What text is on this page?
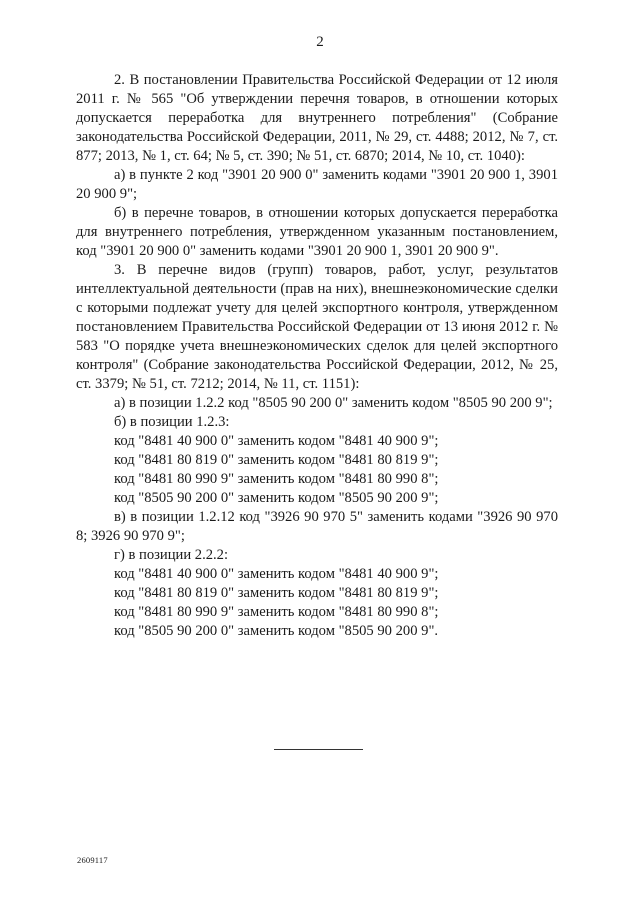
2

2. В постановлении Правительства Российской Федерации от 12 июля 2011 г. № 565 "Об утверждении перечня товаров, в отношении которых допускается переработка для внутреннего потребления" (Собрание законодательства Российской Федерации, 2011, № 29, ст. 4488; 2012, № 7, ст. 877; 2013, № 1, ст. 64; № 5, ст. 390; № 51, ст. 6870; 2014, № 10, ст. 1040):

а) в пункте 2 код "3901 20 900 0" заменить кодами "3901 20 900 1, 3901 20 900 9";

б) в перечне товаров, в отношении которых допускается переработка для внутреннего потребления, утвержденном указанным постановлением, код "3901 20 900 0" заменить кодами "3901 20 900 1, 3901 20 900 9".

3. В перечне видов (групп) товаров, работ, услуг, результатов интеллектуальной деятельности (прав на них), внешнеэкономические сделки с которыми подлежат учету для целей экспортного контроля, утвержденном постановлением Правительства Российской Федерации от 13 июня 2012 г. № 583 "О порядке учета внешнеэкономических сделок для целей экспортного контроля" (Собрание законодательства Российской Федерации, 2012, № 25, ст. 3379; № 51, ст. 7212; 2014, № 11, ст. 1151):

а) в позиции 1.2.2 код "8505 90 200 0" заменить кодом "8505 90 200 9";

б) в позиции 1.2.3:

код "8481 40 900 0" заменить кодом "8481 40 900 9";

код "8481 80 819 0" заменить кодом "8481 80 819 9";

код "8481 80 990 9" заменить кодом "8481 80 990 8";

код "8505 90 200 0" заменить кодом "8505 90 200 9";

в) в позиции 1.2.12 код "3926 90 970 5" заменить кодами "3926 90 970 8; 3926 90 970 9";

г) в позиции 2.2.2:

код "8481 40 900 0" заменить кодом "8481 40 900 9";

код "8481 80 819 0" заменить кодом "8481 80 819 9";

код "8481 80 990 9" заменить кодом "8481 80 990 8";

код "8505 90 200 0" заменить кодом "8505 90 200 9".

2609117
